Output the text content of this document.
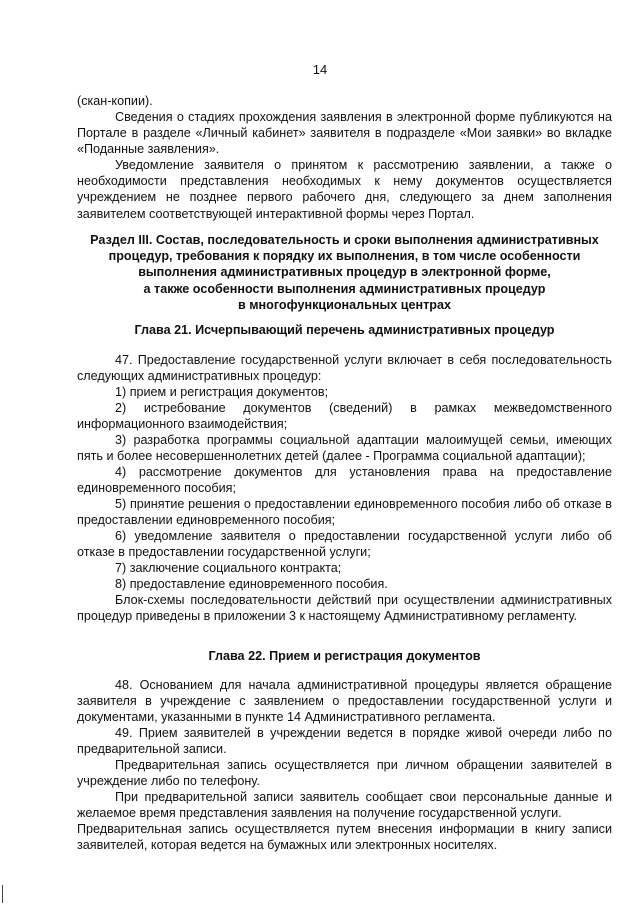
14

(скан-копии).

Сведения о стадиях прохождения заявления в электронной форме публикуются на Портале в разделе «Личный кабинет» заявителя в подразделе «Мои заявки» во вкладке «Поданные заявления».

Уведомление заявителя о принятом к рассмотрению заявлении, а также о необходимости представления необходимых к нему документов осуществляется учреждением не позднее первого рабочего дня, следующего за днем заполнения заявителем соответствующей интерактивной формы через Портал.

Раздел III. Состав, последовательность и сроки выполнения административных
процедур, требования к порядку их выполнения, в том числе особенности
выполнения административных процедур в электронной форме,
а также особенности выполнения административных процедур
в многофункциональных центрах

Глава 21. Исчерпывающий перечень административных процедур

47. Предоставление государственной услуги включает в себя последовательность следующих административных процедур:

1) прием и регистрация документов;

2) истребование документов (сведений) в рамках межведомственного информационного взаимодействия;

3) разработка программы социальной адаптации малоимущей семьи, имеющих пять и более несовершеннолетних детей (далее - Программа социальной адаптации);

4) рассмотрение документов для установления права на предоставление единовременного пособия;

5) принятие решения о предоставлении единовременного пособия либо об отказе в предоставлении единовременного пособия;

6) уведомление заявителя о предоставлении государственной услуги либо об отказе в предоставлении государственной услуги;

7) заключение социального контракта;

8) предоставление единовременного пособия.

Блок-схемы последовательности действий при осуществлении административных процедур приведены в приложении 3 к настоящему Административному регламенту.

Глава 22. Прием и регистрация документов

48. Основанием для начала административной процедуры является обращение заявителя в учреждение с заявлением о предоставлении государственной услуги и документами, указанными в пункте 14 Административного регламента.

49. Прием заявителей в учреждении ведется в порядке живой очереди либо по предварительной записи.

Предварительная запись осуществляется при личном обращении заявителей в учреждение либо по телефону.

При предварительной записи заявитель сообщает свои персональные данные и желаемое время представления заявления на получение государственной услуги.

Предварительная запись осуществляется путем внесения информации в книгу записи заявителей, которая ведется на бумажных или электронных носителях.
